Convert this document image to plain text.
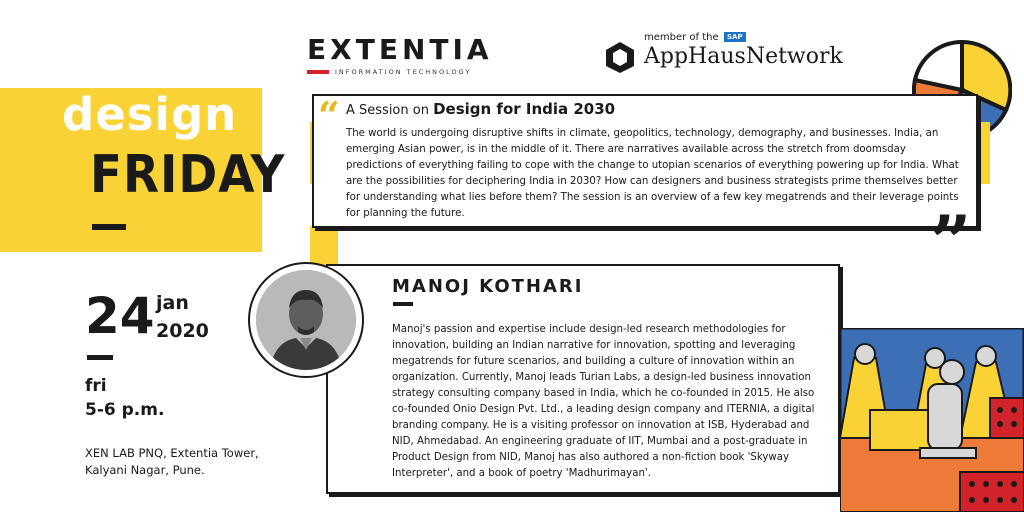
design
FRIDAY
24 jan
2020
fri
5-6 p.m.
XEN LAB PNQ, Extentia Tower,
Kalyani Nagar, Pune.
EXTENTIA
INFORMATION TECHNOLOGY
member of the	SAP
AppHausNetwork
“ A Session on Design for India 2030
The world is undergoing disruptive shifts in climate, geopolitics, technology, demography, and businesses. India, an emerging Asian power, is in the middle of it. There are narratives available across the stretch from doomsday predictions of everything failing to cope with the change to utopian scenarios of everything powering up for India. What are the possibilities for deciphering India in 2030? How can designers and business strategists prime themselves better for understanding what lies before them? The session is an overview of a few key megatrends and their leverage points for planning the future.	”
MANOJ KOTHARI
Manoj's passion and expertise include design-led research methodologies for innovation, building an Indian narrative for innovation, spotting and leveraging megatrends for future scenarios, and building a culture of innovation within an organization. Currently, Manoj leads Turian Labs, a design-led business innovation strategy consulting company based in India, which he co-founded in 2015. He also co-founded Onio Design Pvt. Ltd., a leading design company and ITERNIA, a digital branding company. He is a visiting professor on innovation at ISB, Hyderabad and NID, Ahmedabad. An engineering graduate of IIT, Mumbai and a post-graduate in Product Design from NID, Manoj has also authored a non-fiction book 'Skyway Interpreter', and a book of poetry 'Madhurimayan'.
